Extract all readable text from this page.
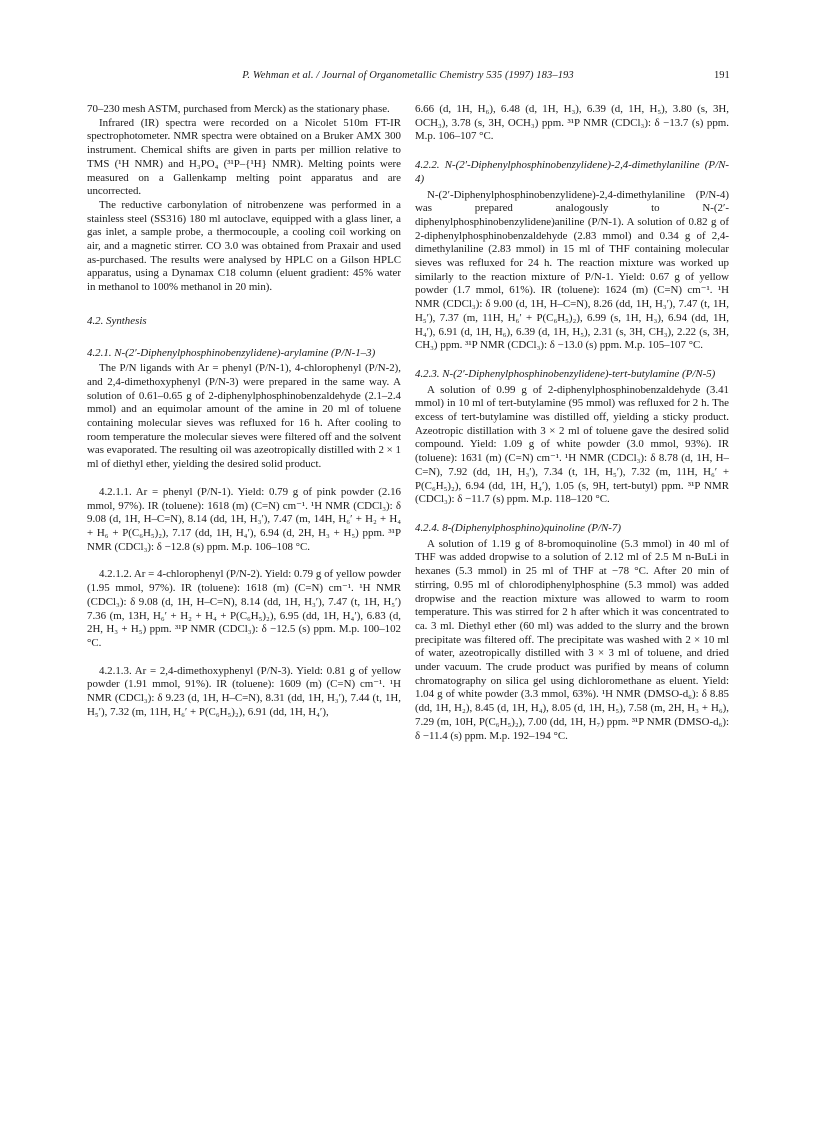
P. Wehman et al. / Journal of Organometallic Chemistry 535 (1997) 183–193	191

70–230 mesh ASTM, purchased from Merck) as the stationary phase.

Infrared (IR) spectra were recorded on a Nicolet 510m FT-IR spectrophotometer. NMR spectra were obtained on a Bruker AMX 300 instrument. Chemical shifts are given in parts per million relative to TMS (¹H NMR) and H₃PO₄ (³¹P–{¹H} NMR). Melting points were measured on a Gallenkamp melting point apparatus and are uncorrected.

The reductive carbonylation of nitrobenzene was performed in a stainless steel (SS316) 180 ml autoclave, equipped with a glass liner, a gas inlet, a sample probe, a thermocouple, a cooling coil working on air, and a magnetic stirrer. CO 3.0 was obtained from Praxair and used as-purchased. The results were analysed by HPLC on a Gilson HPLC apparatus, using a Dynamax C18 column (eluent gradient: 45% water in methanol to 100% methanol in 20 min).

4.2. Synthesis

4.2.1. N-(2′-Diphenylphosphinobenzylidene)-arylamine (P/N-1–3)

The P/N ligands with Ar = phenyl (P/N-1), 4-chlorophenyl (P/N-2), and 2,4-dimethoxyphenyl (P/N-3) were prepared in the same way. A solution of 0.61–0.65 g of 2-diphenylphosphinobenzaldehyde (2.1–2.4 mmol) and an equimolar amount of the amine in 20 ml of toluene containing molecular sieves was refluxed for 16 h. After cooling to room temperature the molecular sieves were filtered off and the solvent was evaporated. The resulting oil was azeotropically distilled with 2 × 1 ml of diethyl ether, yielding the desired solid product.

4.2.1.1. Ar = phenyl (P/N-1). Yield: 0.79 g of pink powder (2.16 mmol, 97%). IR (toluene): 1618 (m) (C=N) cm⁻¹. ¹H NMR (CDCl₃): δ 9.08 (d, 1H, H–C=N), 8.14 (dd, 1H, H₃′), 7.47 (m, 14H, H₆′ + H₂ + H₄ + H₆ + P(C₆H₅)₂), 7.17 (dd, 1H, H₄′), 6.94 (d, 2H, H₃ + H₅) ppm. ³¹P NMR (CDCl₃): δ −12.8 (s) ppm. M.p. 106–108 °C.

4.2.1.2. Ar = 4-chlorophenyl (P/N-2). Yield: 0.79 g of yellow powder (1.95 mmol, 97%). IR (toluene): 1618 (m) (C=N) cm⁻¹. ¹H NMR (CDCl₃): δ 9.08 (d, 1H, H–C=N), 8.14 (dd, 1H, H₃′), 7.47 (t, 1H, H₅′) 7.36 (m, 13H, H₆′ + H₂ + H₄ + P(C₆H₅)₂), 6.95 (dd, 1H, H₄′), 6.83 (d, 2H, H₃ + H₅) ppm. ³¹P NMR (CDCl₃): δ −12.5 (s) ppm. M.p. 100–102 °C.

4.2.1.3. Ar = 2,4-dimethoxyphenyl (P/N-3). Yield: 0.81 g of yellow powder (1.91 mmol, 91%). IR (toluene): 1609 (m) (C=N) cm⁻¹. ¹H NMR (CDCl₃): δ 9.23 (d, 1H, H–C=N), 8.31 (dd, 1H, H₃′), 7.44 (t, 1H, H₅′), 7.32 (m, 11H, H₆′ + P(C₆H₅)₂), 6.91 (dd, 1H, H₄′),

6.66 (d, 1H, H₆), 6.48 (d, 1H, H₃), 6.39 (d, 1H, H₅), 3.80 (s, 3H, OCH₃), 3.78 (s, 3H, OCH₃) ppm. ³¹P NMR (CDCl₃): δ −13.7 (s) ppm. M.p. 106–107 °C.

4.2.2. N-(2′-Diphenylphosphinobenzylidene)-2,4-dimethylaniline (P/N-4)

N-(2′-Diphenylphosphinobenzylidene)-2,4-dimethylaniline (P/N-4) was prepared analogously to N-(2′-diphenylphosphinobenzylidene)aniline (P/N-1). A solution of 0.82 g of 2-diphenylphosphinobenzaldehyde (2.83 mmol) and 0.34 g of 2,4-dimethylaniline (2.83 mmol) in 15 ml of THF containing molecular sieves was refluxed for 24 h. The reaction mixture was worked up similarly to the reaction mixture of P/N-1. Yield: 0.67 g of yellow powder (1.7 mmol, 61%). IR (toluene): 1624 (m) (C=N) cm⁻¹. ¹H NMR (CDCl₃): δ 9.00 (d, 1H, H–C=N), 8.26 (dd, 1H, H₃′), 7.47 (t, 1H, H₅′), 7.37 (m, 11H, H₆′ + P(C₆H₅)₂), 6.99 (s, 1H, H₃), 6.94 (dd, 1H, H₄′), 6.91 (d, 1H, H₆), 6.39 (d, 1H, H₅), 2.31 (s, 3H, CH₃), 2.22 (s, 3H, CH₃) ppm. ³¹P NMR (CDCl₃): δ −13.0 (s) ppm. M.p. 105–107 °C.

4.2.3. N-(2′-Diphenylphosphinobenzylidene)-tert-butylamine (P/N-5)

A solution of 0.99 g of 2-diphenylphosphinobenzaldehyde (3.41 mmol) in 10 ml of tert-butylamine (95 mmol) was refluxed for 2 h. The excess of tert-butylamine was distilled off, yielding a sticky product. Azeotropic distillation with 3 × 2 ml of toluene gave the desired solid compound. Yield: 1.09 g of white powder (3.0 mmol, 93%). IR (toluene): 1631 (m) (C=N) cm⁻¹. ¹H NMR (CDCl₃): δ 8.78 (d, 1H, H–C=N), 7.92 (dd, 1H, H₃′), 7.34 (t, 1H, H₅′), 7.32 (m, 11H, H₆′ + P(C₆H₅)₂), 6.94 (dd, 1H, H₄′), 1.05 (s, 9H, tert-butyl) ppm. ³¹P NMR (CDCl₃): δ −11.7 (s) ppm. M.p. 118–120 °C.

4.2.4. 8-(Diphenylphosphino)quinoline (P/N-7)

A solution of 1.19 g of 8-bromoquinoline (5.3 mmol) in 40 ml of THF was added dropwise to a solution of 2.12 ml of 2.5 M n-BuLi in hexanes (5.3 mmol) in 25 ml of THF at −78 °C. After 20 min of stirring, 0.95 ml of chlorodiphenylphosphine (5.3 mmol) was added dropwise and the reaction mixture was allowed to warm to room temperature. This was stirred for 2 h after which it was concentrated to ca. 3 ml. Diethyl ether (60 ml) was added to the slurry and the brown precipitate was filtered off. The precipitate was washed with 2 × 10 ml of water, azeotropically distilled with 3 × 3 ml of toluene, and dried under vacuum. The crude product was purified by means of column chromatography on silica gel using dichloromethane as eluent. Yield: 1.04 g of white powder (3.3 mmol, 63%). ¹H NMR (DMSO-d₆): δ 8.85 (dd, 1H, H₂), 8.45 (d, 1H, H₄), 8.05 (d, 1H, H₅), 7.58 (m, 2H, H₃ + H₆), 7.29 (m, 10H, P(C₆H₅)₂), 7.00 (dd, 1H, H₇) ppm. ³¹P NMR (DMSO-d₆): δ −11.4 (s) ppm. M.p. 192–194 °C.
